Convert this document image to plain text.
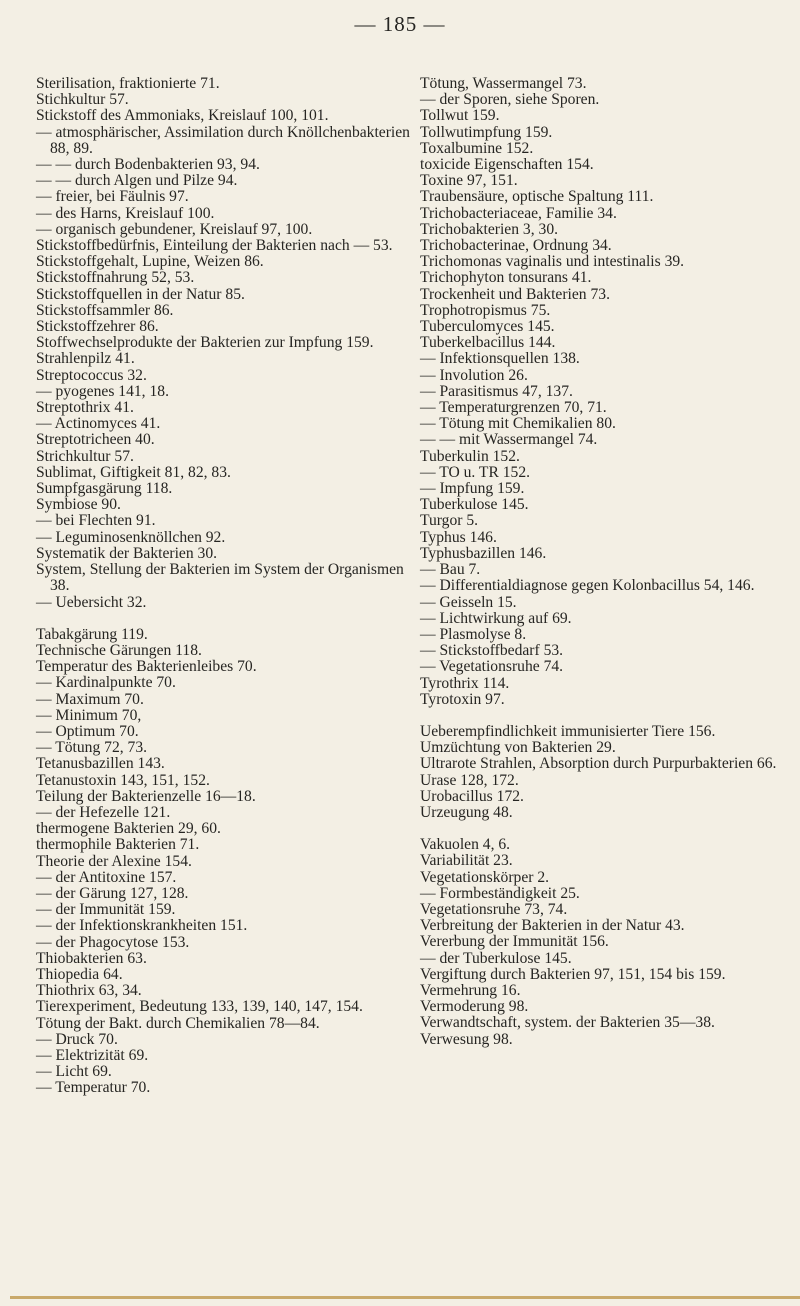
— 185 —
Sterilisation, fraktionierte 71.
Stichkultur 57.
Stickstoff des Ammoniaks, Kreislauf 100, 101.
— atmosphärischer, Assimilation durch Knöllchenbakterien 88, 89.
— — durch Bodenbakterien 93, 94.
— — durch Algen und Pilze 94.
— freier, bei Fäulnis 97.
— des Harns, Kreislauf 100.
— organisch gebundener, Kreislauf 97, 100.
Stickstoffbedürfnis, Einteilung der Bakterien nach — 53.
Stickstoffgehalt, Lupine, Weizen 86.
Stickstoffnahrung 52, 53.
Stickstoffquellen in der Natur 85.
Stickstoffsammler 86.
Stickstoffzehrer 86.
Stoffwechselprodukte der Bakterien zur Impfung 159.
Strahlenpilz 41.
Streptococcus 32.
— pyogenes 141, 18.
Streptothrix 41.
— Actinomyces 41.
Streptotricheen 40.
Strichkultur 57.
Sublimat, Giftigkeit 81, 82, 83.
Sumpfgasgärung 118.
Symbiose 90.
— bei Flechten 91.
— Leguminosenknöllchen 92.
Systematik der Bakterien 30.
System, Stellung der Bakterien im System der Organismen 38.
— Uebersicht 32.
Tabakgärung 119.
Technische Gärungen 118.
Temperatur des Bakterienleibes 70.
— Kardinalpunkte 70.
— Maximum 70.
— Minimum 70,
— Optimum 70.
— Tötung 72, 73.
Tetanusbazillen 143.
Tetanustoxin 143, 151, 152.
Teilung der Bakterienzelle 16—18.
— der Hefezelle 121.
thermogene Bakterien 29, 60.
thermophile Bakterien 71.
Theorie der Alexine 154.
— der Antitoxine 157.
— der Gärung 127, 128.
— der Immunität 159.
— der Infektionskrankheiten 151.
— der Phagocytose 153.
Thiobakterien 63.
Thiopedia 64.
Thiothrix 63, 34.
Tierexperiment, Bedeutung 133, 139, 140, 147, 154.
Tötung der Bakt. durch Chemikalien 78—84.
— Druck 70.
— Elektrizität 69.
— Licht 69.
— Temperatur 70.
Tötung, Wassermangel 73.
— der Sporen, siehe Sporen.
Tollwut 159.
Tollwutimpfung 159.
Toxalbumine 152.
toxicide Eigenschaften 154.
Toxine 97, 151.
Traubensäure, optische Spaltung 111.
Trichobacteriaceae, Familie 34.
Trichobakterien 3, 30.
Trichobacterinae, Ordnung 34.
Trichomonas vaginalis und intestinalis 39.
Trichophyton tonsurans 41.
Trockenheit und Bakterien 73.
Trophotropismus 75.
Tuberculomyces 145.
Tuberkelbacillus 144.
— Infektionsquellen 138.
— Involution 26.
— Parasitismus 47, 137.
— Temperaturgrenzen 70, 71.
— Tötung mit Chemikalien 80.
— — mit Wassermangel 74.
Tuberkulin 152.
— TO u. TR 152.
— Impfung 159.
Tuberkulose 145.
Turgor 5.
Typhus 146.
Typhusbazillen 146.
— Bau 7.
— Differentialdiagnose gegen Kolonbacillus 54, 146.
— Geisseln 15.
— Lichtwirkung auf 69.
— Plasmolyse 8.
— Stickstoffbedarf 53.
— Vegetationsruhe 74.
Tyrothrix 114.
Tyrotoxin 97.
Ueberempfindlichkeit immunisierter Tiere 156.
Umzüchtung von Bakterien 29.
Ultrarote Strahlen, Absorption durch Purpurbakterien 66.
Urase 128, 172.
Urobacillus 172.
Urzeugung 48.
Vakuolen 4, 6.
Variabilität 23.
Vegetationskörper 2.
— Formbeständigkeit 25.
Vegetationsruhe 73, 74.
Verbreitung der Bakterien in der Natur 43.
Vererbung der Immunität 156.
— der Tuberkulose 145.
Vergiftung durch Bakterien 97, 151, 154 bis 159.
Vermehrung 16.
Vermoderung 98.
Verwandtschaft, system. der Bakterien 35—38.
Verwesung 98.
